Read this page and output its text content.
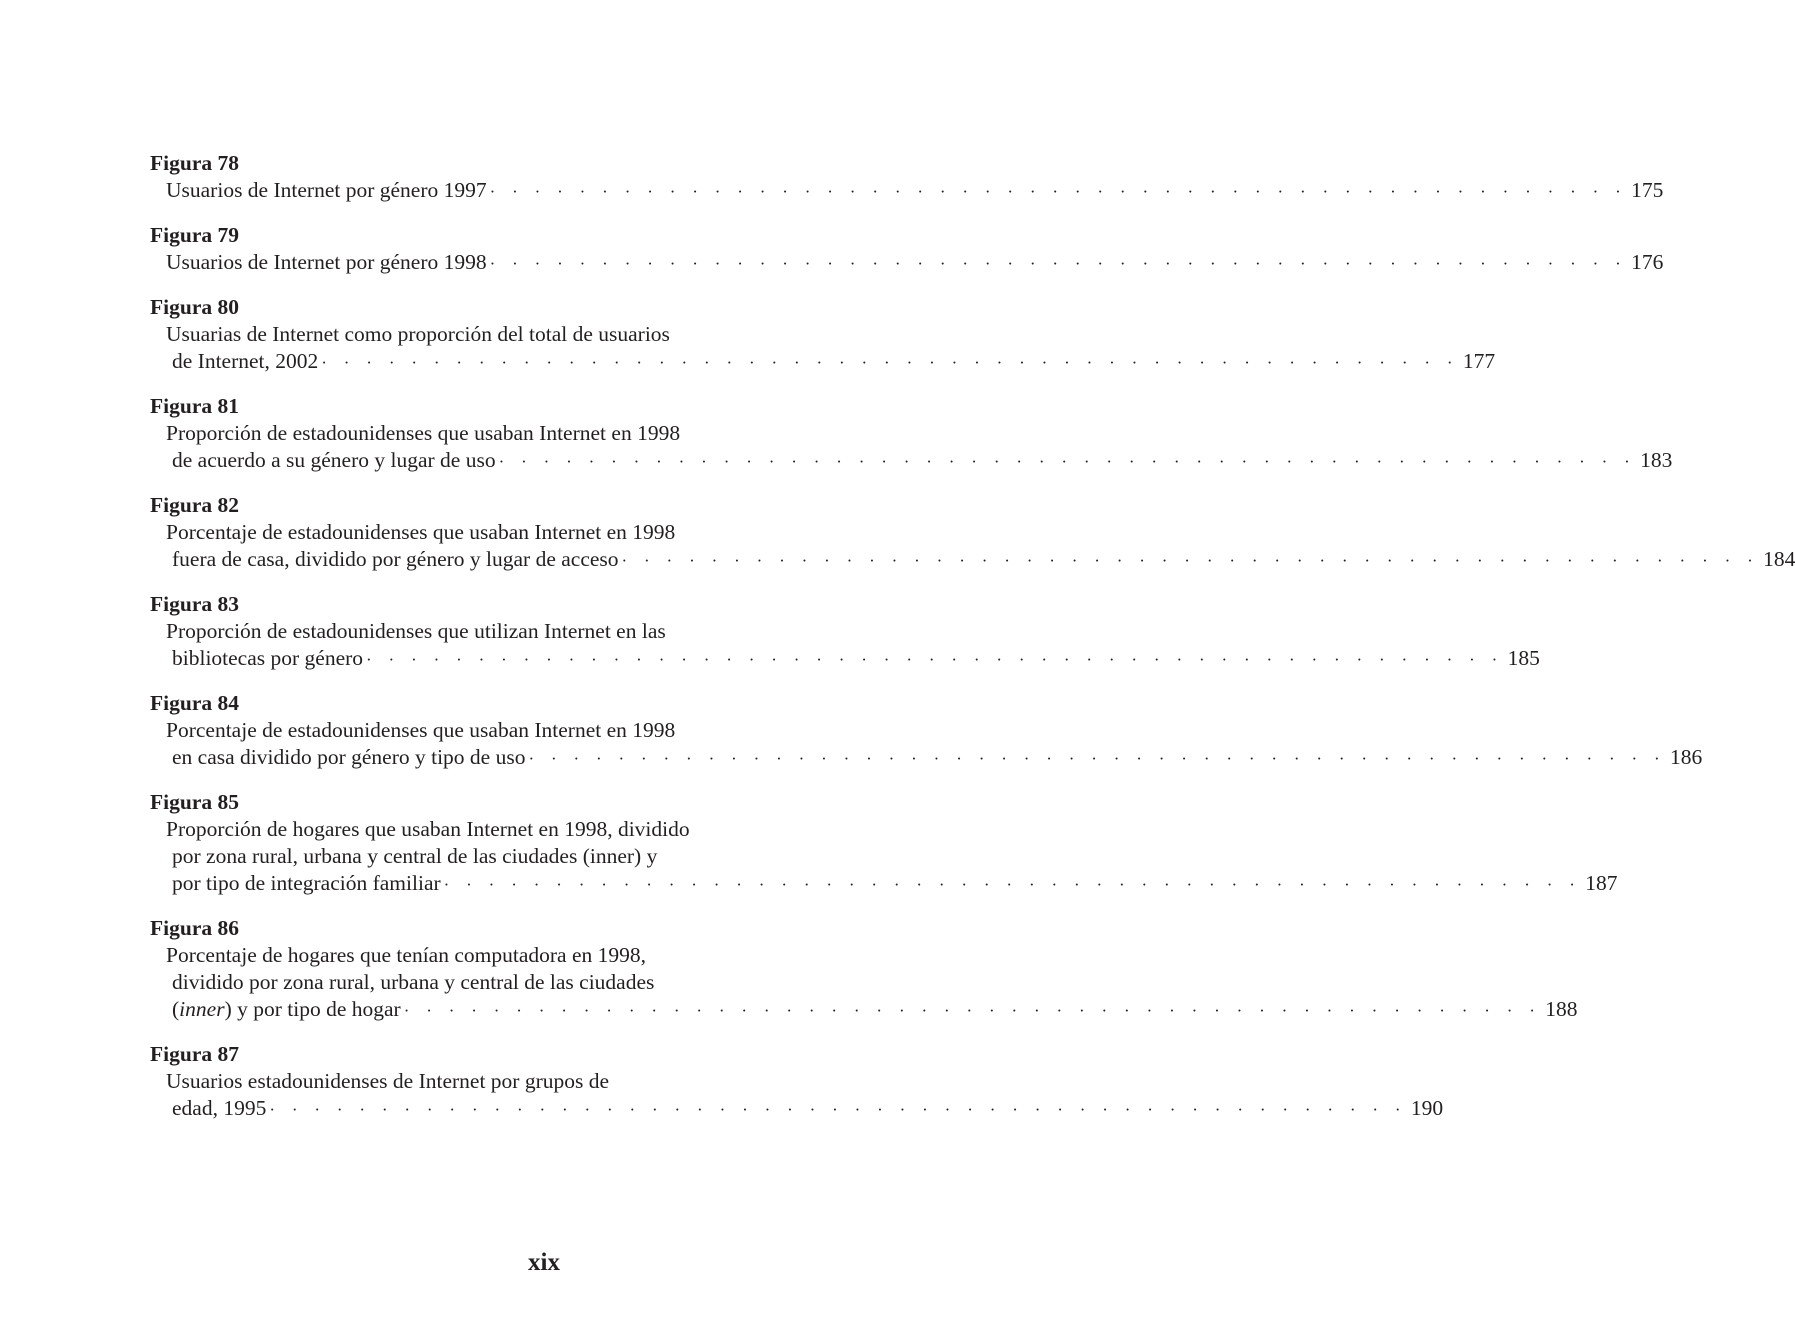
Figura 78
Usuarios de Internet por género 1997 · · · · · · · · · · · · · · · · · · · · · · · · · · · · · · · · · · · · · · · · · · · · · · · · · · · 175
Figura 79
Usuarios de Internet por género 1998 · · · · · · · · · · · · · · · · · · · · · · · · · · · · · · · · · · · · · · · · · · · · · · · · · · · 176
Figura 80
Usuarias de Internet como proporción del total de usuarios
de Internet, 2002 · · · · · · · · · · · · · · · · · · · · · · · · · · · · · · · · · · · · · · · · · · · · · · · · · · · 177
Figura 81
Proporción de estadounidenses que usaban Internet en 1998
de acuerdo a su género y lugar de uso · · · · · · · · · · · · · · · · · · · · · · · · · · · · · · · · · · · · · · · · · · · · · · · · · · · 183
Figura 82
Porcentaje de estadounidenses que usaban Internet en 1998
fuera de casa, dividido por género y lugar de acceso · · · · · · · · · · · · · · · · · · · · · · · · · · · · · · · · · · · · · · · · · · · · · · · · · · · 184
Figura 83
Proporción de estadounidenses que utilizan Internet en las
bibliotecas por género · · · · · · · · · · · · · · · · · · · · · · · · · · · · · · · · · · · · · · · · · · · · · · · · · · · 185
Figura 84
Porcentaje de estadounidenses que usaban Internet en 1998
en casa dividido por género y tipo de uso · · · · · · · · · · · · · · · · · · · · · · · · · · · · · · · · · · · · · · · · · · · · · · · · · · · 186
Figura 85
Proporción de hogares que usaban Internet en 1998, dividido
por zona rural, urbana y central de las ciudades (inner) y
por tipo de integración familiar · · · · · · · · · · · · · · · · · · · · · · · · · · · · · · · · · · · · · · · · · · · · · · · · · · · 187
Figura 86
Porcentaje de hogares que tenían computadora en 1998,
dividido por zona rural, urbana y central de las ciudades
(inner) y por tipo de hogar · · · · · · · · · · · · · · · · · · · · · · · · · · · · · · · · · · · · · · · · · · · · · · · · · · · 188
Figura 87
Usuarios estadounidenses de Internet por grupos de
edad, 1995 · · · · · · · · · · · · · · · · · · · · · · · · · · · · · · · · · · · · · · · · · · · · · · · · · · · 190
xix
